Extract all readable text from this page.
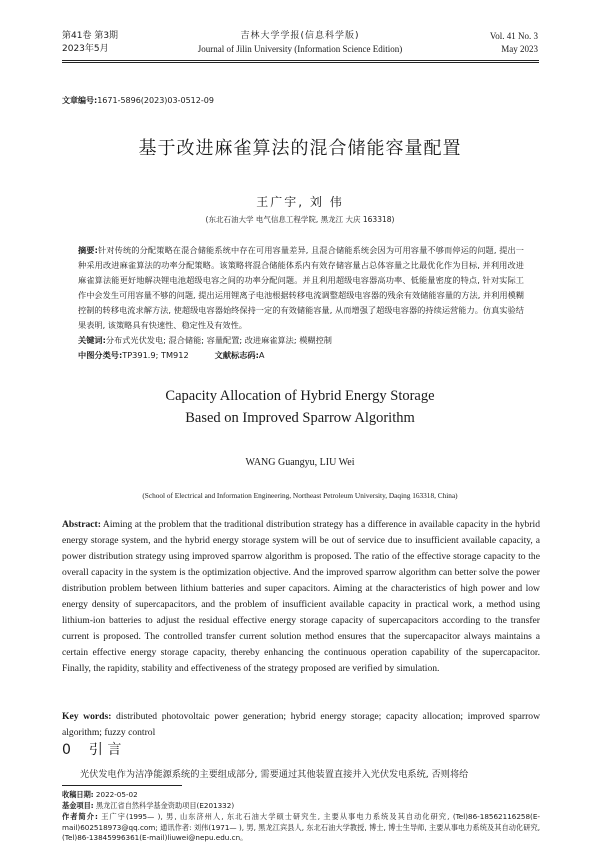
第41卷 第3期
2023年5月
吉林大学学报(信息科学版)
Journal of Jilin University (Information Science Edition)
Vol. 41 No. 3
May 2023
文章编号:1671-5896(2023)03-0512-09
基于改进麻雀算法的混合储能容量配置
王广宇, 刘 伟
(东北石油大学 电气信息工程学院, 黑龙江 大庆 163318)
摘要:针对传统的分配策略在混合储能系统中存在可用容量差异, 且混合储能系统会因为可用容量不够而停运的问题, 提出一种采用改进麻雀算法的功率分配策略。该策略将混合储能体系内有效存储容量占总体容量之比最优化作为目标, 并利用改进麻雀算法能更好地解决锂电池超级电容之间的功率分配问题。并且利用超级电容器高功率、低能量密度的特点, 针对实际工作中会发生可用容量不够的问题, 提出运用锂离子电池根据转移电流调整超级电容器的残余有效储能容量的方法, 并利用模糊控制的转移电流求解方法, 使超级电容器始终保持一定的有效储能容量, 从而增强了超级电容器的持续运营能力。仿真实验结果表明, 该策略具有快速性、稳定性及有效性。
关键词:分布式光伏发电; 混合储能; 容量配置; 改进麻雀算法; 模糊控制
中图分类号:TP391.9; TM912	文献标志码:A
Capacity Allocation of Hybrid Energy Storage
Based on Improved Sparrow Algorithm
WANG Guangyu, LIU Wei
(School of Electrical and Information Engineering, Northeast Petroleum University, Daqing 163318, China)
Abstract: Aiming at the problem that the traditional distribution strategy has a difference in available capacity in the hybrid energy storage system, and the hybrid energy storage system will be out of service due to insufficient available capacity, a power distribution strategy using improved sparrow algorithm is proposed. The ratio of the effective storage capacity to the overall capacity in the system is the optimization objective. And the improved sparrow algorithm can better solve the power distribution problem between lithium batteries and super capacitors. Aiming at the characteristics of high power and low energy density of supercapacitors, and the problem of insufficient available capacity in practical work, a method using lithium-ion batteries to adjust the residual effective energy storage capacity of supercapacitors according to the transfer current is proposed. The controlled transfer current solution method ensures that the supercapacitor always maintains a certain effective energy storage capacity, thereby enhancing the continuous operation capability of the supercapacitor. Finally, the rapidity, stability and effectiveness of the strategy proposed are verified by simulation.
Key words: distributed photovoltaic power generation; hybrid energy storage; capacity allocation; improved sparrow algorithm; fuzzy control
0 引 言
光伏发电作为洁净能源系统的主要组成部分, 需要通过其他装置直接并入光伏发电系统, 否则将给
收稿日期: 2022-05-02
基金项目: 黑龙江省自然科学基金资助项目(E201332)
作者简介: 王广宇(1995— ), 男, 山东济州人, 东北石油大学硕士研究生, 主要从事电力系统及其自动化研究, (Tel)86-18562116258(E-mail)602518973@qq.com; 通讯作者: 刘伟(1971— ), 男, 黑龙江宾县人, 东北石油大学教授, 博士, 博士生导师, 主要从事电力系统及其自动化研究, (Tel)86-13845996361(E-mail)liuwei@nepu.edu.cn。
